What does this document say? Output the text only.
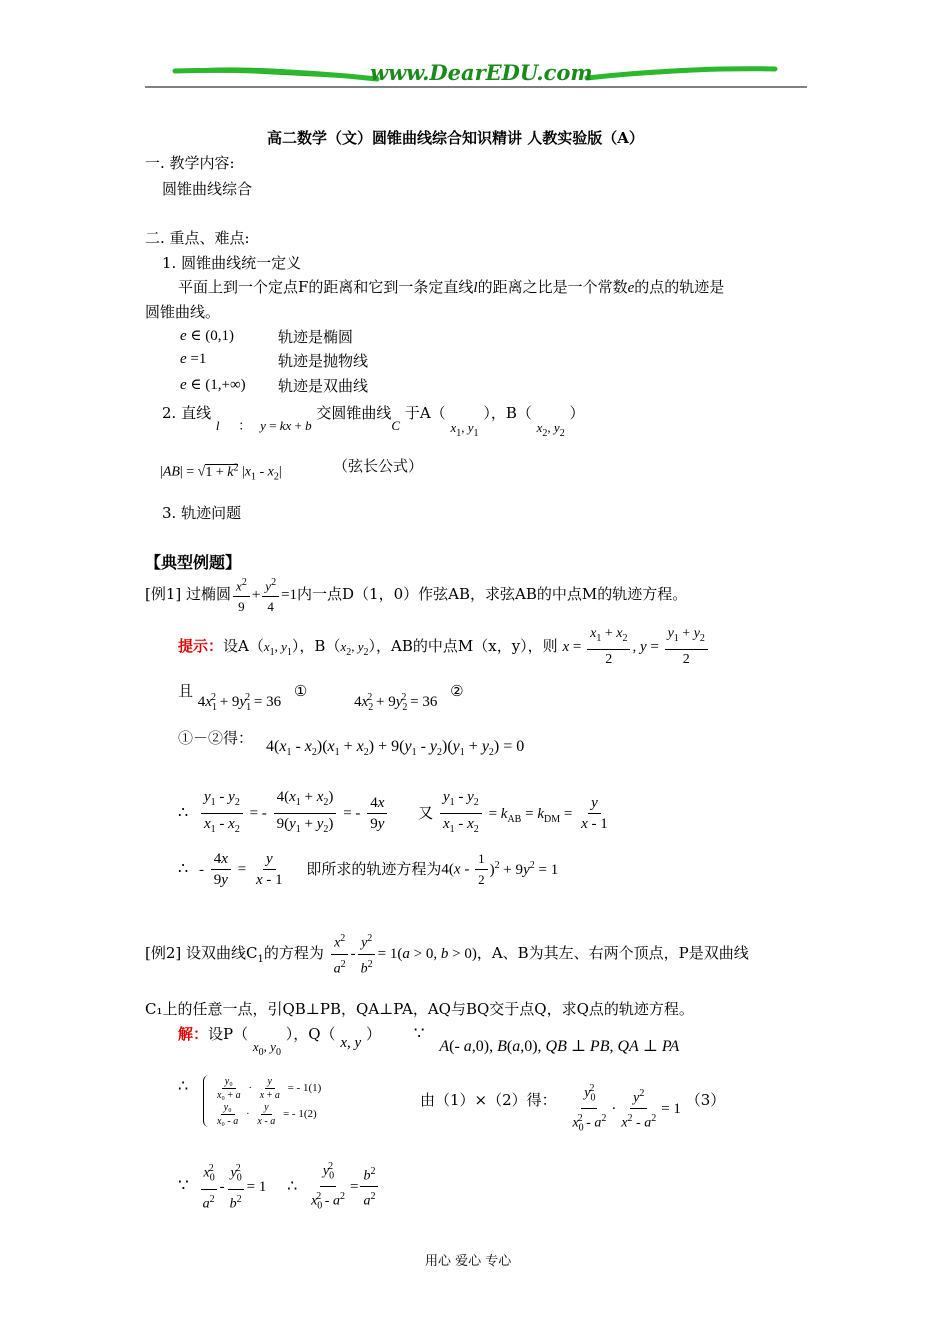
www.DearEDU.com
高二数学（文）圆锥曲线综合知识精讲 人教实验版（A）
一. 教学内容:
圆锥曲线综合
二. 重点、难点:
1. 圆锥曲线统一定义
平面上到一个定点F的距离和它到一条定直线l的距离之比是一个常数e的点的轨迹是
圆锥曲线。
e ∈ (0,1)	轨迹是椭圆
e =1	轨迹是抛物线
e ∈ (1,+∞) 轨迹是双曲线
2. 直线 l ： y = kx + b 交圆锥曲线C 于A（ $x_1$, $y_1$ ），B（ $x_2$, $y_2$ ）
$|AB| = √1 + k^2$ $|x_1 - x_2|$	（弦长公式）
3. 轨迹问题
【典型例题】
[例1] 过椭圆 $\frac{x^2}{9} + \frac{y^2}{4} =1$内一点D（1，0）作弦AB，求弦AB的中点M的轨迹方程。
提示：设$A(x_1$, $y_1$），$B(x_2$, $y_2$），AB的中点M（x，y），则 $x = \frac{x_1 + x_2}{2}$ , $y = \frac{y_1 + y_2}{2}$
且 $4x_1^2 + 9y_1^2 = 36$ ① $4x_2^2 + 9y_2^2 = 36$ ②
①－②得： $4(x_1 - x_2)(x_1 + x_2) + 9(y_1 - y_2)(y_1 + y_2) = 0$
∴ $\frac{y_1 - y_2}{x_1 - x_2}$ = - $\frac{4(x_1 + x_2)}{9(y_1 + y_2)}$ = - $\frac{4x}{9y}$ 又 $\frac{y_1 - y_2}{x_1 - x_2} = k_{AB} = k_{DM} = \frac{y}{x - 1}$
∴ - $\frac{4x}{9y} = \frac{y}{x - 1}$ 即所求的轨迹方程为$4(x - \frac{1}{2} )^2 + 9y^2 = 1$
[例2] 设双曲线$C_1$的方程为 $\frac{x^2}{a^2} - \frac{y^2}{b^2} = 1(a > 0$, b > 0)，A、B为其左、右两个顶点，P是双曲线
C₁上的任意一点，引QB⊥PB，QA⊥PA，AQ与BQ交于点Q，求Q点的轨迹方程。
解：设P（ $x_0$, $y_0$ ），Q（ x, y ） ∵ A(- a,0), B(a,0), QB ⊥ PB, QA ⊥ PA
∴	$\frac{\text{y₀}}{\text{x₀ + a}} \cdot \frac{y}{x + a}$ = - 1(1)

$\frac{\text{y₀}}{\text{x₀ - a}} \cdot \frac{y}{x - a}$ = - 1(2)
由（1）×（2）得： $\frac{y_0^2}{x_0^2 - a^2} \cdot \frac{y^2}{x^2 - a^2} = 1$ （3）
∵ $\frac{x_0^2}{a^2} - \frac{y_0^2}{b^2} = 1$ ∴ $\frac{y_0^2}{x_0^2 - a^2} = \frac{b^2}{a^2}$
用心 爱心 专心
